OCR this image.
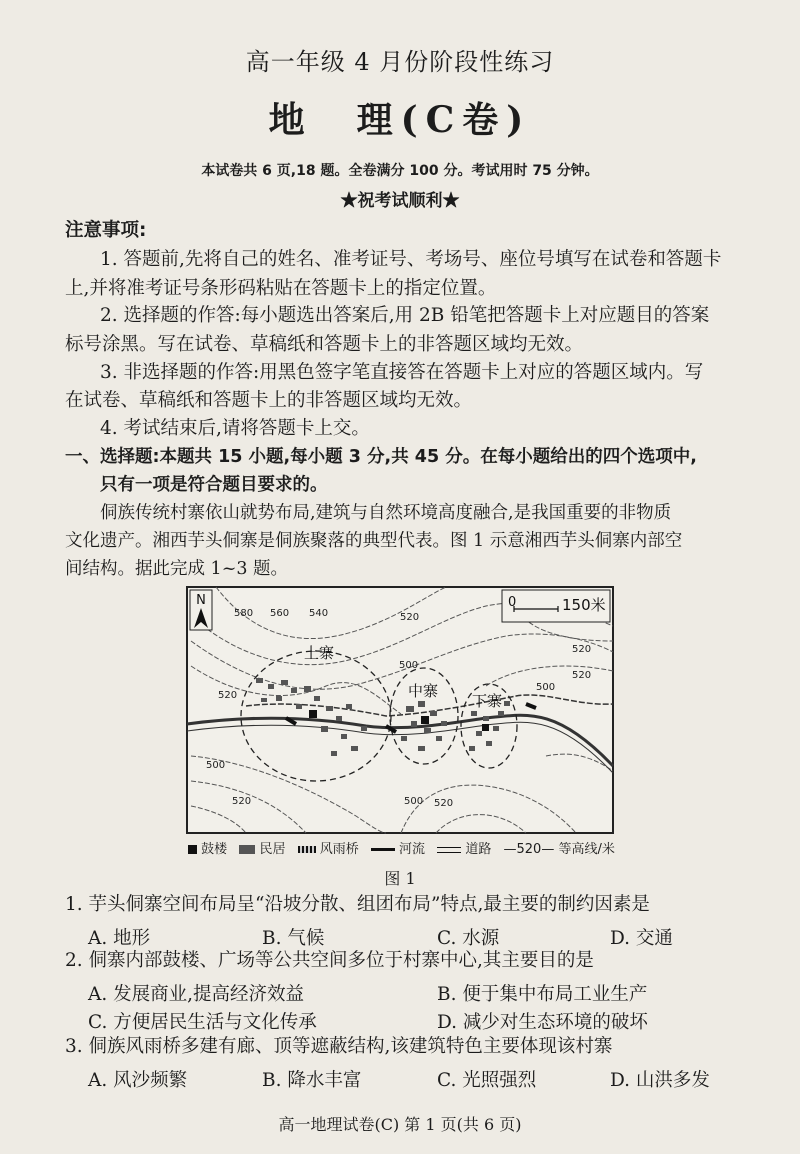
高一年级 4 月份阶段性练习
地　理(C卷)
本试卷共 6 页,18 题。全卷满分 100 分。考试用时 75 分钟。
★祝考试顺利★
注意事项:
1. 答题前,先将自己的姓名、准考证号、考场号、座位号填写在试卷和答题卡
上,并将准考证号条形码粘贴在答题卡上的指定位置。
2. 选择题的作答:每小题选出答案后,用 2B 铅笔把答题卡上对应题目的答案
标号涂黑。写在试卷、草稿纸和答题卡上的非答题区域均无效。
3. 非选择题的作答:用黑色签字笔直接答在答题卡上对应的答题区域内。写
在试卷、草稿纸和答题卡上的非答题区域均无效。
4. 考试结束后,请将答题卡上交。
一、选择题:本题共 15 小题,每小题 3 分,共 45 分。在每小题给出的四个选项中,
只有一项是符合题目要求的。
侗族传统村寨依山就势布局,建筑与自然环境高度融合,是我国重要的非物质
文化遗产。湘西芋头侗寨是侗族聚落的典型代表。图 1 示意湘西芋头侗寨内部空
间结构。据此完成 1~3 题。
N	0	150米
上寨
中寨
下寨
580 560 540	520
520
500
520
520
500
520
500
520
500
鼓楼 民居	风雨桥	河流	道路 —520— 等高线/米
图 1
1. 芋头侗寨空间布局呈“沿坡分散、组团布局”特点,最主要的制约因素是
A. 地形	B. 气候	C. 水源	D. 交通
2. 侗寨内部鼓楼、广场等公共空间多位于村寨中心,其主要目的是
A. 发展商业,提高经济效益	B. 便于集中布局工业生产
C. 方便居民生活与文化传承	D. 减少对生态环境的破坏
3. 侗族风雨桥多建有廊、顶等遮蔽结构,该建筑特色主要体现该村寨
A. 风沙频繁	B. 降水丰富	C. 光照强烈	D. 山洪多发
高一地理试卷(C) 第 1 页(共 6 页)
